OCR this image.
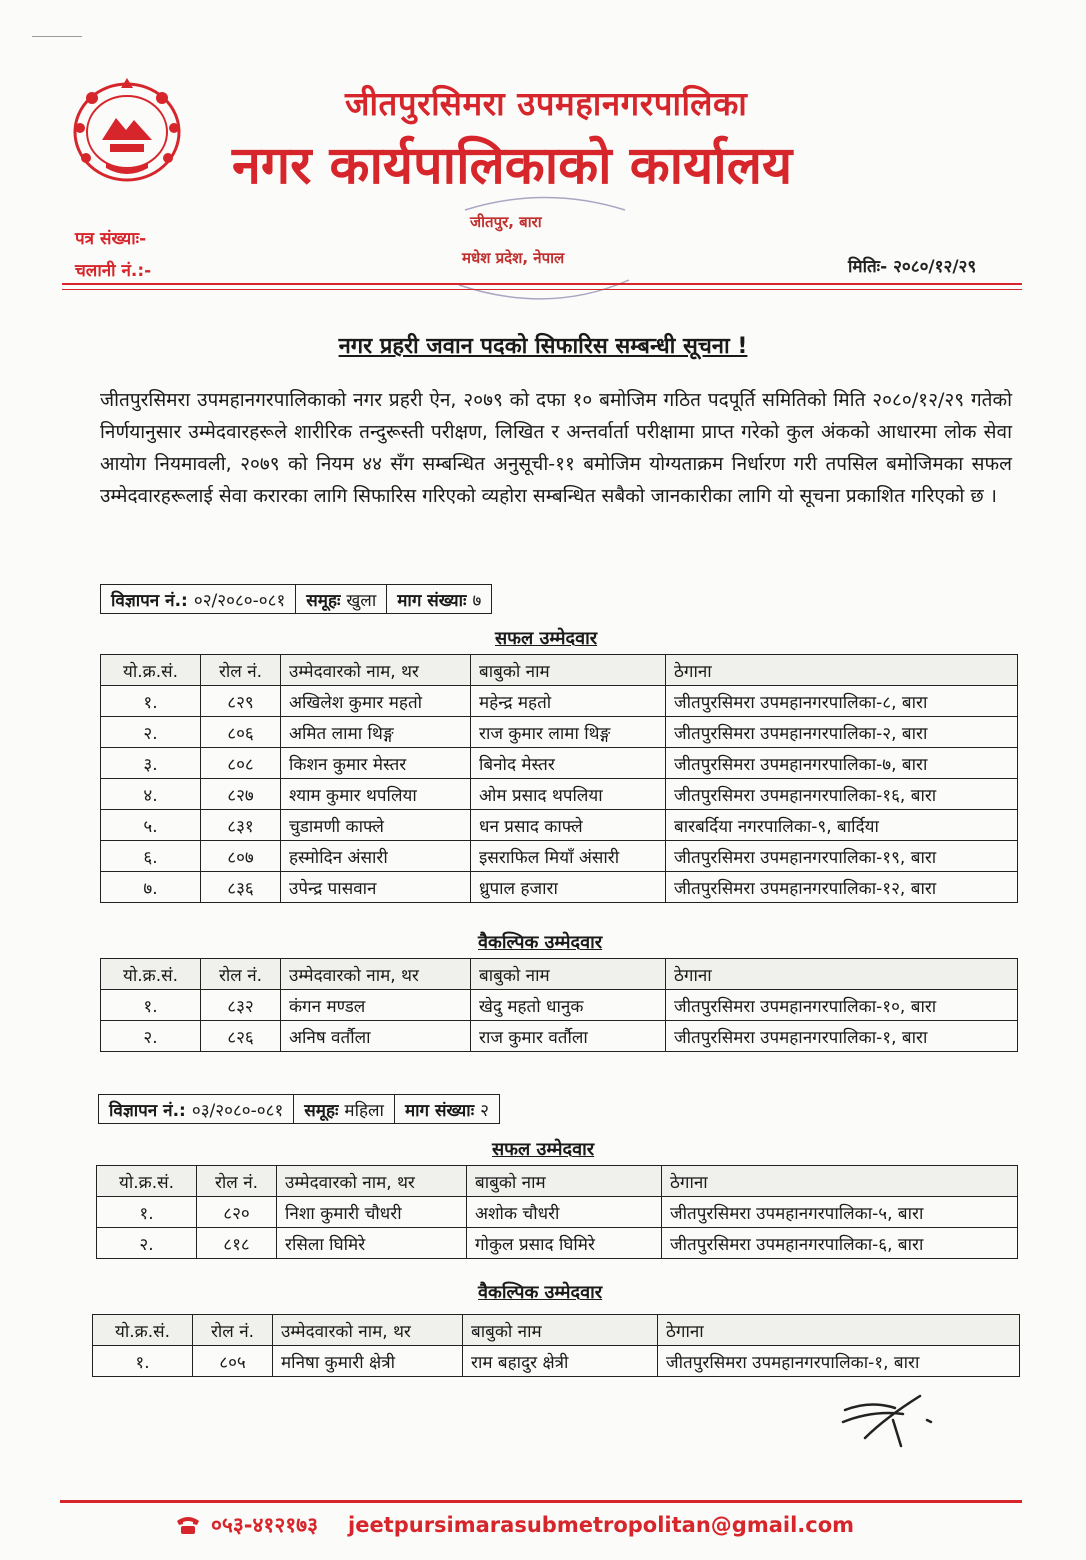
जीतपुरसिमरा उपमहानगरपालिका
नगर कार्यपालिकाको कार्यालय
जीतपुर, बारा
मधेश प्रदेश, नेपाल
पत्र संख्याः-
चलानी नं.:-	मितिः- २०८०/१२/२९
नगर प्रहरी जवान पदको सिफारिस सम्बन्धी सूचना !
जीतपुरसिमरा उपमहानगरपालिकाको नगर प्रहरी ऐन, २०७९ को दफा १० बमोजिम गठित पदपूर्ति समितिको मिति २०८०/१२/२९ गतेको निर्णयानुसार उम्मेदवारहरूले शारीरिक तन्दुरूस्ती परीक्षण, लिखित र अन्तर्वार्ता परीक्षामा प्राप्त गरेको कुल अंकको आधारमा लोक सेवा आयोग नियमावली, २०७९ को नियम ४४ सँग सम्बन्धित अनुसूची-११ बमोजिम योग्यताक्रम निर्धारण गरी तपसिल बमोजिमका सफल उम्मेदवारहरूलाई सेवा करारका लागि सिफारिस गरिएको व्यहोरा सम्बन्धित सबैको जानकारीका लागि यो सूचना प्रकाशित गरिएको छ ।
विज्ञापन नं.: ०२/२०८०-०८१ समूहः खुला माग संख्याः ७
सफल उम्मेदवार
यो.क्र.सं.	रोल नं.	उम्मेदवारको नाम, थर	बाबुको नाम	ठेगाना
१.	८२९	अखिलेश कुमार महतो	महेन्द्र महतो	जीतपुरसिमरा उपमहानगरपालिका-८, बारा
२.	८०६	अमित लामा थिङ्ग	राज कुमार लामा थिङ्ग	जीतपुरसिमरा उपमहानगरपालिका-२, बारा
३.	८०८	किशन कुमार मेस्तर	बिनोद मेस्तर	जीतपुरसिमरा उपमहानगरपालिका-७, बारा
४.	८२७	श्याम कुमार थपलिया	ओम प्रसाद थपलिया	जीतपुरसिमरा उपमहानगरपालिका-१६, बारा
५.	८३१	चुडामणी काफ्ले	धन प्रसाद काफ्ले	बारबर्दिया नगरपालिका-९, बार्दिया
६.	८०७	हस्मोदिन अंसारी	इसराफिल मियाँ अंसारी	जीतपुरसिमरा उपमहानगरपालिका-१९, बारा
७.	८३६	उपेन्द्र पासवान	ध्रुपाल हजारा	जीतपुरसिमरा उपमहानगरपालिका-१२, बारा
वैकल्पिक उम्मेदवार
यो.क्र.सं.	रोल नं.	उम्मेदवारको नाम, थर	बाबुको नाम	ठेगाना
१.	८३२	कंगन मण्डल	खेदु महतो धानुक	जीतपुरसिमरा उपमहानगरपालिका-१०, बारा
२.	८२६	अनिष वर्तौला	राज कुमार वर्तौला	जीतपुरसिमरा उपमहानगरपालिका-१, बारा
विज्ञापन नं.: ०३/२०८०-०८१ समूहः महिला माग संख्याः २
सफल उम्मेदवार
यो.क्र.सं.	रोल नं.	उम्मेदवारको नाम, थर	बाबुको नाम	ठेगाना
१.	८२०	निशा कुमारी चौधरी	अशोक चौधरी	जीतपुरसिमरा उपमहानगरपालिका-५, बारा
२.	८१८	रसिला घिमिरे	गोकुल प्रसाद घिमिरे	जीतपुरसिमरा उपमहानगरपालिका-६, बारा
वैकल्पिक उम्मेदवार
यो.क्र.सं.	रोल नं.	उम्मेदवारको नाम, थर	बाबुको नाम	ठेगाना
१.	८०५	मनिषा कुमारी क्षेत्री	राम बहादुर क्षेत्री	जीतपुरसिमरा उपमहानगरपालिका-१, बारा
०५३-४१२१७३ jeetpursimarasubmetropolitan@gmail.com
